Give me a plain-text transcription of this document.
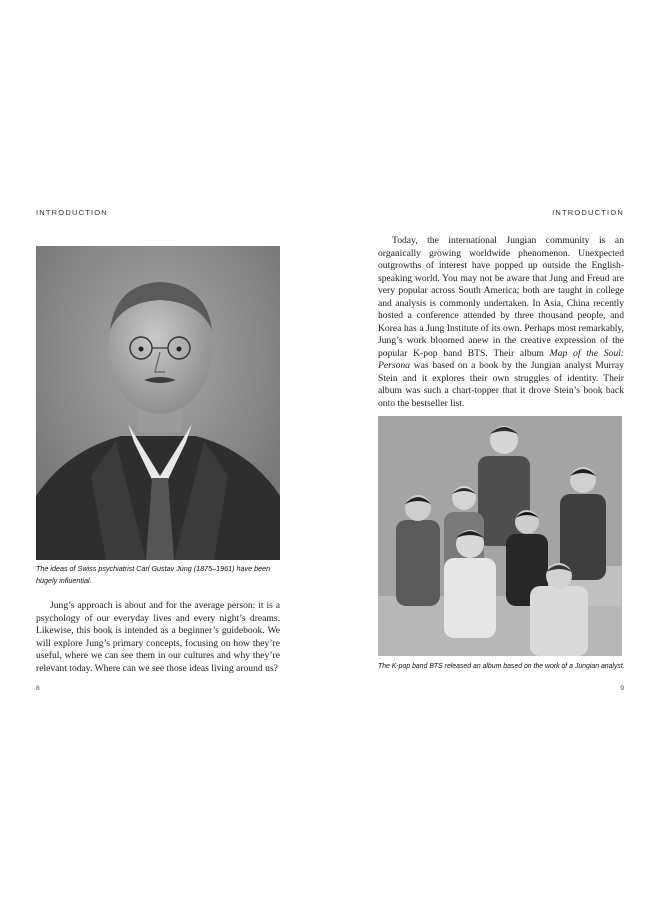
INTRODUCTION
The ideas of Swiss psychiatrist Carl Gustav Jung (1875–1961) have been hugely influential.

Jung’s approach is about and for the average person: it is a psychology of our everyday lives and every night’s dreams. Likewise, this book is intended as a beginner’s guidebook. We will explore Jung’s primary concepts, focusing on how they’re useful, where we can see them in our cultures and why they’re relevant today. Where can we see those ideas living around us?

8
INTRODUCTION

Today, the international Jungian community is an organically growing worldwide phenomenon. Unexpected outgrowths of interest have popped up outside the English-speaking world. You may not be aware that Jung and Freud are very popular across South America; both are taught in college and analysis is commonly undertaken. In Asia, China recently hosted a conference attended by three thousand people, and Korea has a Jung Institute of its own. Perhaps most remarkably, Jung’s work bloomed anew in the creative expression of the popular K-pop band BTS. Their album Map of the Soul: Persona was based on a book by the Jungian analyst Murray Stein and it explores their own struggles of identity. Their album was such a chart-topper that it drove Stein’s book back onto the bestseller list.

The K-pop band BTS released an album based on the work of a Jungian analyst.
9
